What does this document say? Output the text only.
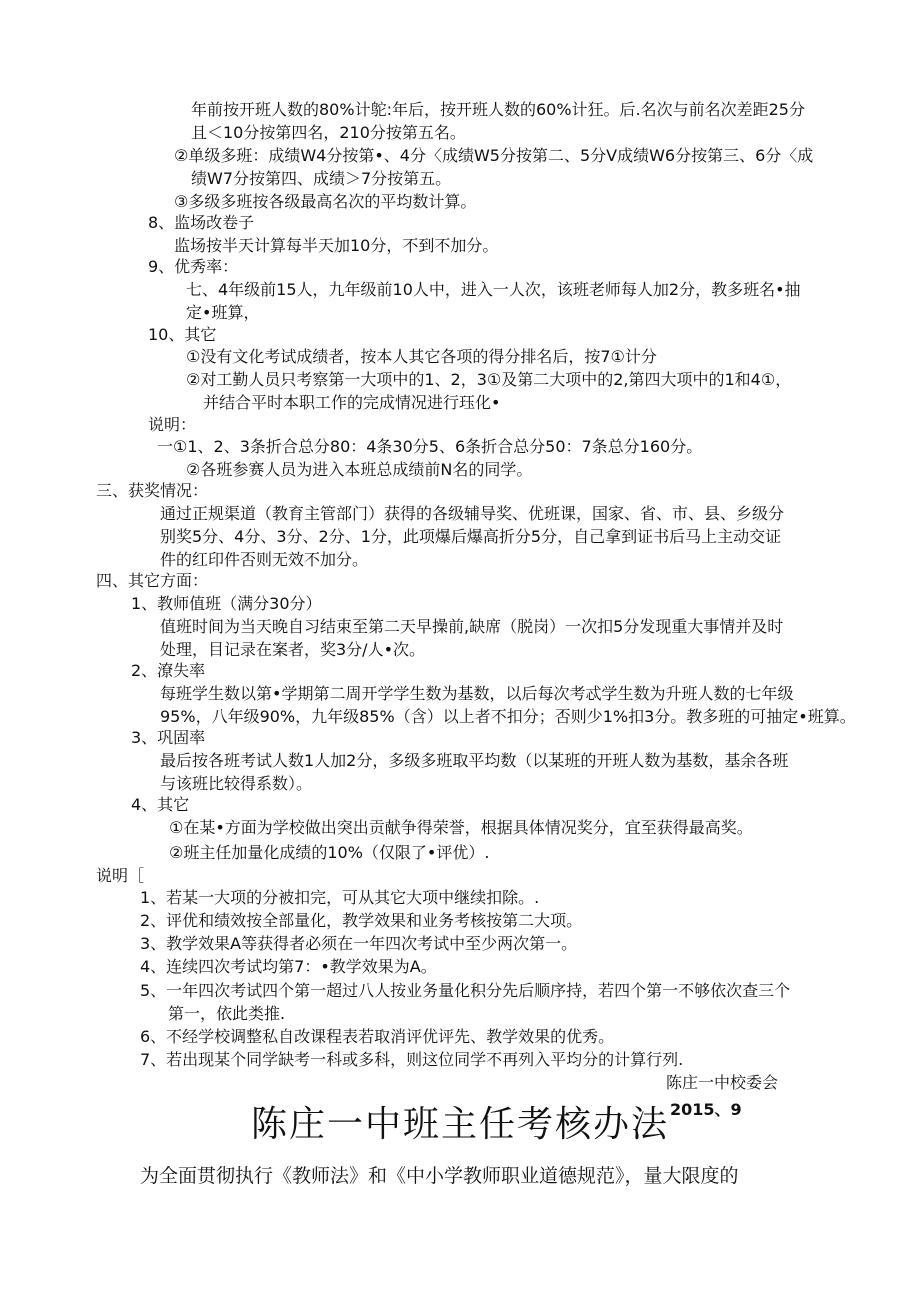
年前按开班人数的80%计鸵:年后，按开班人数的60%计狂。后.名次与前名次差距25分
且＜10分按第四名，210分按第五名。
②单级多班：成绩W4分按第•、4分〈成绩W5分按第二、5分V成绩W6分按第三、6分〈成
绩W7分按第四、成绩＞7分按第五。
③多级多班按各级最高名次的平均数计算。
8、监场改卷子
监场按半天计算每半天加10分，不到不加分。
9、优秀率：
七、4年级前15人，九年级前10人中，进入一人次，该班老师每人加2分，教多班名•抽
定•班算，
10、其它
①没有文化考试成绩者，按本人其它各项的得分排名后，按7①计分
②对工勤人员只考察第一大项中的1、2，3①及第二大项中的2,第四大项中的1和4①，
并结合平时本职工作的完成情况进行珏化•
说明：
一①1、2、3条折合总分80：4条30分5、6条折合总分50：7条总分160分。
②各班参赛人员为进入本班总成绩前N名的同学。
三、获奖情况：
通过正规渠道（教育主管部门）获得的各级辅导奖、优班课，国家、省、市、县、乡级分
别奖5分、4分、3分、2分、1分，此项爆后爆高折分5分，自己拿到证书后马上主动交证
件的红印件否则无效不加分。
四、其它方面：
1、教师值班（满分30分）
值班时间为当天晚自习结束至第二天早操前,缺席（脱岗）一次扣5分发现重大事情并及时
处理，目记录在案者，奖3分/人•次。
2、潦失率
每班学生数以第•学期第二周开学学生数为基数，以后每次考忒学生数为升班人数的七年级
95%，八年级90%，九年级85%（含）以上者不扣分；否则少1%扣3分。教多班的可抽定•班算。
3、巩固率
最后按各班考试人数1人加2分，多级多班取平均数（以某班的开班人数为基数，基余各班
与该班比较得系数）。
4、其它
①在某•方面为学校做出突出贡献争得荣誉，根据具体情况奖分，宜至获得最高奖。
②班主任加量化成绩的10%（仅限了•评优）.
说明［
1、若某一大项的分被扣完，可从其它大项中继续扣除。.
2、评优和绩效按全部量化，教学效果和业务考核按第二大项。
3、教学效果A等获得者必须在一年四次考试中至少两次第一。
4、连续四次考试均第7：•教学效果为A。
5、一年四次考试四个第一超过八人按业务量化积分先后顺序持，若四个第一不够依次查三个
第一，依此类推.
6、不经学校调整私自改课程表若取消评优评先、教学效果的优秀。
7、若出现某个同学缺考一科或多科，则这位同学不再列入平均分的计算行列.
陈庄一中校委会
2015、9
陈庄一中班主任考核办法
为全面贯彻执行《教师法》和《中小学教师职业道德规范》，量大限度的
